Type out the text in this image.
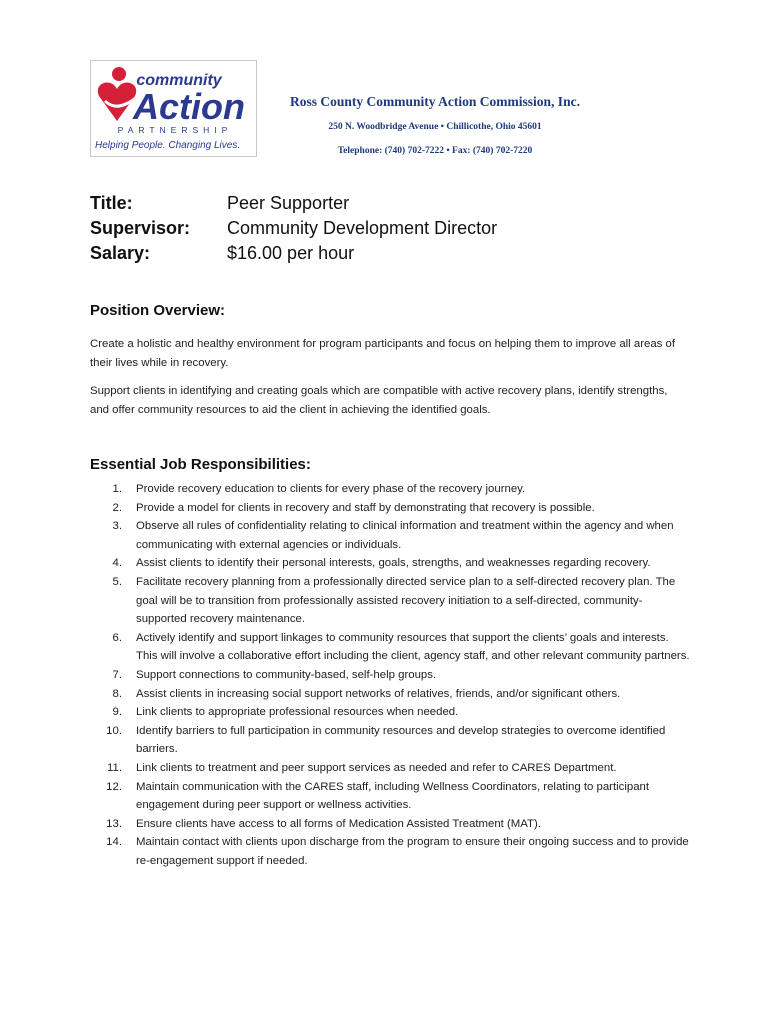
community
Action
PARTNERSHIP
Helping People. Changing Lives.
Ross County Community Action Commission, Inc.
250 N. Woodbridge Avenue • Chillicothe, Ohio 45601
Telephone: (740) 702-7222 • Fax: (740) 702-7220
Title:	Peer Supporter
Supervisor: Community Development Director
Salary:	$16.00 per hour
Position Overview:

Create a holistic and healthy environment for program participants and focus on helping them to improve all areas of their lives while in recovery.

Support clients in identifying and creating goals which are compatible with active recovery plans, identify strengths, and offer community resources to aid the client in achieving the identified goals.

Essential Job Responsibilities:
1. Provide recovery education to clients for every phase of the recovery journey.
2. Provide a model for clients in recovery and staff by demonstrating that recovery is possible.
3. Observe all rules of confidentiality relating to clinical information and treatment within the agency and when communicating with external agencies or individuals.
4. Assist clients to identify their personal interests, goals, strengths, and weaknesses regarding recovery.
5. Facilitate recovery planning from a professionally directed service plan to a self-directed recovery plan. The goal will be to transition from professionally assisted recovery initiation to a self-directed, community-supported recovery maintenance.
6. Actively identify and support linkages to community resources that support the clients’ goals and interests. This will involve a collaborative effort including the client, agency staff, and other relevant community partners.
7. Support connections to community-based, self-help groups.
8. Assist clients in increasing social support networks of relatives, friends, and/or significant others.
9. Link clients to appropriate professional resources when needed.
10. Identify barriers to full participation in community resources and develop strategies to overcome identified barriers.
11. Link clients to treatment and peer support services as needed and refer to CARES Department.
12. Maintain communication with the CARES staff, including Wellness Coordinators, relating to participant engagement during peer support or wellness activities.
13. Ensure clients have access to all forms of Medication Assisted Treatment (MAT).
14. Maintain contact with clients upon discharge from the program to ensure their ongoing success and to provide re-engagement support if needed.
